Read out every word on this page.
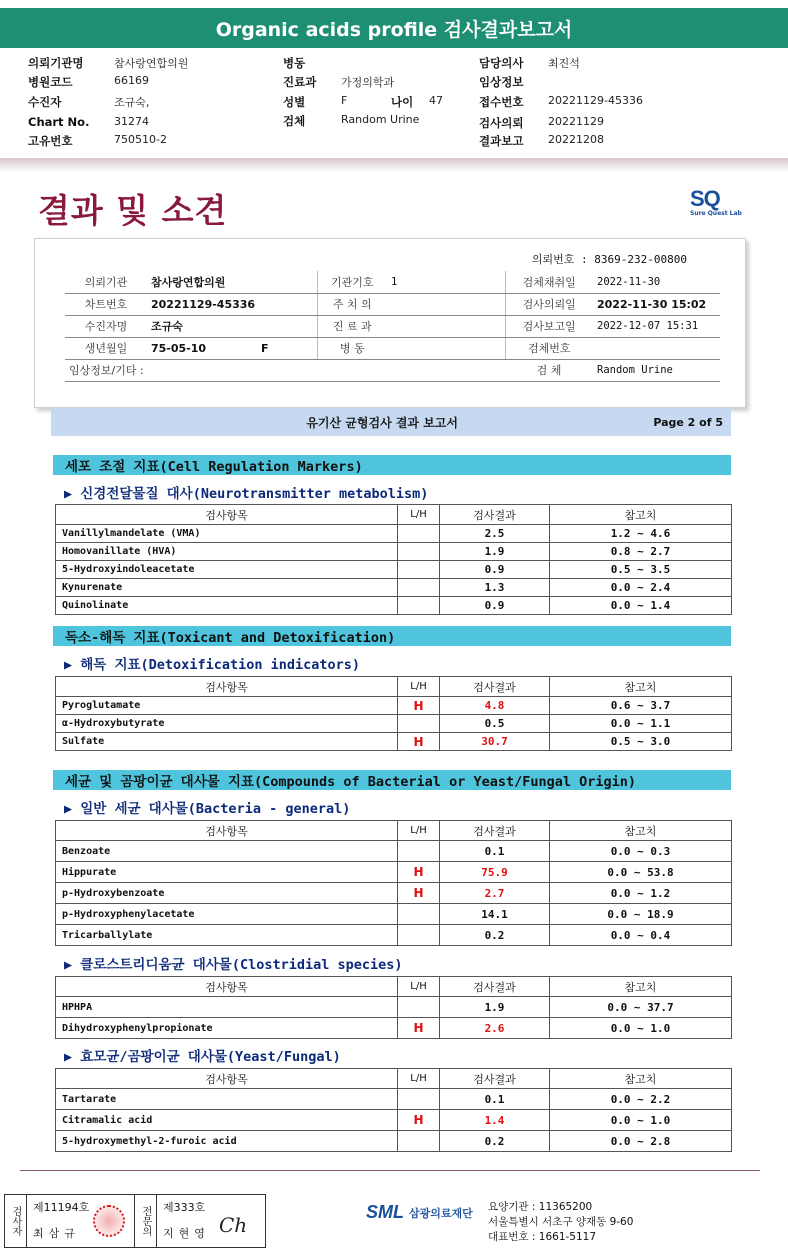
Organic acids profile 검사결과보고서
의뢰기관명	참사랑연합의원
병원코드	66169
수진자	조규숙,
Chart No.	31274
고유번호	750510-2
병동
진료과	가정의학과
성별	F	나이	47
검체	Random Urine
담당의사	최진석
임상정보
접수번호	20221129-45336
검사의뢰	20221129
결과보고	20221208
결과 및 소견	SQ
Sure Quest Lab
의뢰번호 : 8369-232-00800
의뢰기관	참사랑연합의원	기관기호	1	검체채취일	2022-11-30
차트번호	20221129-45336	주 치 의		검사의뢰일	2022-11-30 15:02
수진자명	조규숙	진 료 과		검사보고일	2022-12-07 15:31
생년월일	75-05-10 F	병 동		검체번호	
임상정보/기타 :				검 체	Random Urine
유기산 균형검사 결과 보고서	Page 2 of 5
세포 조절 지표(Cell Regulation Markers)
▶ 신경전달물질 대사(Neurotransmitter metabolism)
검사항목	L/H	검사결과	참고치
Vanillylmandelate (VMA)		2.5	1.2 ~ 4.6
Homovanillate (HVA)		1.9	0.8 ~ 2.7
5-Hydroxyindoleacetate		0.9	0.5 ~ 3.5
Kynurenate		1.3	0.0 ~ 2.4
Quinolinate		0.9	0.0 ~ 1.4
독소-해독 지표(Toxicant and Detoxification)
▶ 해독 지표(Detoxification indicators)
검사항목	L/H	검사결과	참고치
Pyroglutamate	H	4.8	0.6 ~ 3.7
α-Hydroxybutyrate		0.5	0.0 ~ 1.1
Sulfate	H	30.7	0.5 ~ 3.0
세균 및 곰팡이균 대사물 지표(Compounds of Bacterial or Yeast/Fungal Origin)
▶ 일반 세균 대사물(Bacteria - general)
검사항목	L/H	검사결과	참고치
Benzoate		0.1	0.0 ~ 0.3
Hippurate	H	75.9	0.0 ~ 53.8
p-Hydroxybenzoate	H	2.7	0.0 ~ 1.2
p-Hydroxyphenylacetate		14.1	0.0 ~ 18.9
Tricarballylate		0.2	0.0 ~ 0.4
▶ 클로스트리디움균 대사물(Clostridial species)
검사항목	L/H	검사결과	참고치
HPHPA		1.9	0.0 ~ 37.7
Dihydroxyphenylpropionate	H	2.6	0.0 ~ 1.0
▶ 효모균/곰팡이균 대사물(Yeast/Fungal)
검사항목	L/H	검사결과	참고치
Tartarate		0.1	0.0 ~ 2.2
Citramalic acid	H	1.4	0.0 ~ 1.0
5-hydroxymethyl-2-furoic acid		0.2	0.0 ~ 2.8
검사자 제11194호
최삼규	전문의 제333호
지현영 Ch
SML 삼광의료재단 요양기관 : 11365200
서울특별시 서초구 양재동 9-60
대표번호 : 1661-5117
